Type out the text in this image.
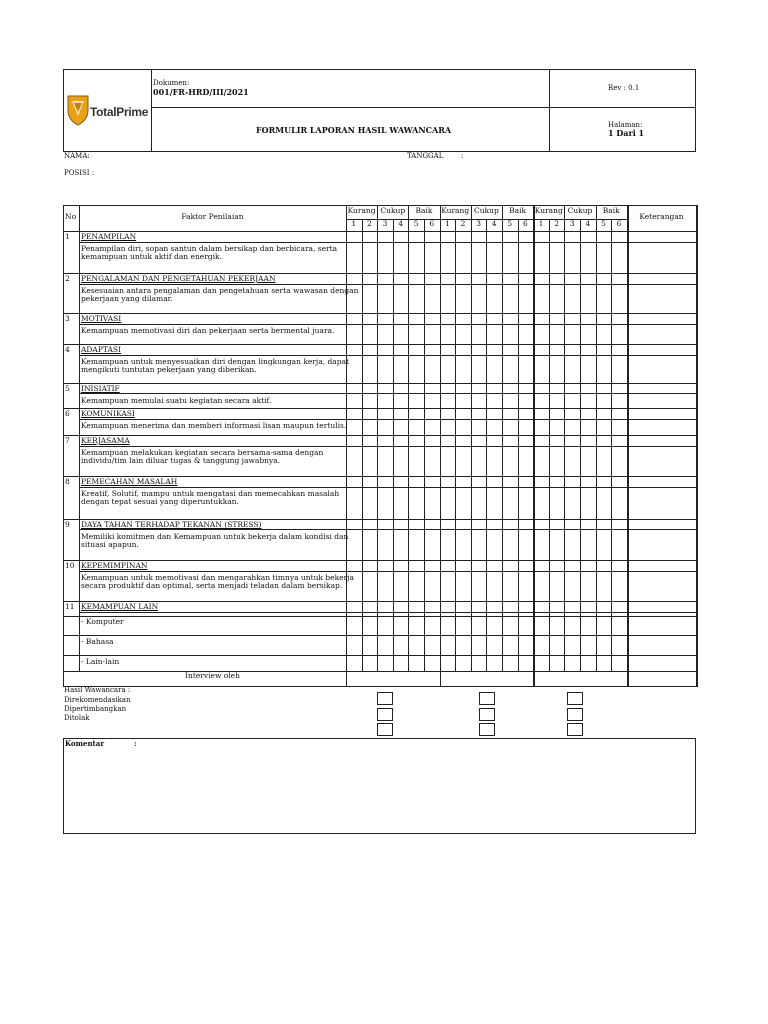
TotalPrime
Dokumen:
001/FR-HRD/III/2021	Rev : 0.1
FORMULIR LAPORAN HASIL WAWANCARA	Halaman:
1 Dari 1
NAMA:	TANGGAL	:
POSISI :
No	Faktor Penilaian	Keterangan
Kurang Cukup	Baik	Kurang Cukup	Baik	Kurang Cukup	Baik
1	2	3	4	5	6	1	2	3	4	5	6	1	2	3	4	5	6
1 PENAMPILAN
Penampilan diri, sopan santun dalam bersikap dan berbicara, serta
kemampuan untuk aktif dan energik.
2 PENGALAMAN DAN PENGETAHUAN PEKERJAAN
Kesesuaian antara pengalaman dan pengetahuan serta wawasan dengan
pekerjaan yang dilamar.
3 MOTIVASI
Kemampuan memotivasi diri dan pekerjaan serta bermental juara.
4 ADAPTASI
Kemampuan untuk menyesuaikan diri dengan lingkungan kerja, dapat
mengikuti tuntutan pekerjaan yang diberikan.
5 INISIATIF
Kemampuan memulai suatu kegiatan secara aktif.
6 KOMUNIKASI
Kemampuan menerima dan memberi informasi lisan maupun tertulis.
7 KERJASAMA
Kemampuan melakukan kegiatan secara bersama-sama dengan
individu/tim lain diluar tugas & tanggung jawabnya.
8 PEMECAHAN MASALAH
Kreatif, Solutif, mampu untuk mengatasi dan memecahkan masalah
dengan tepat sesuai yang diperuntukkan.
9 DAYA TAHAN TERHADAP TEKANAN (STRESS)
Memiliki komitmen dan Kemampuan untuk bekerja dalam kondisi dan
situasi apapun.
10 KEPEMIMPINAN
Kemampuan untuk memotivasi dan mengarahkan timnya untuk bekerja
secara produktif dan optimal, serta menjadi teladan dalam bersikap.
11 KEMAMPUAN LAIN
- Komputer
- Bahasa
- Lain-lain
Interview oleh
Hasil Wawancara :
Direkomendasikan
Dipertimbangkan
Ditolak
Komentar	:
